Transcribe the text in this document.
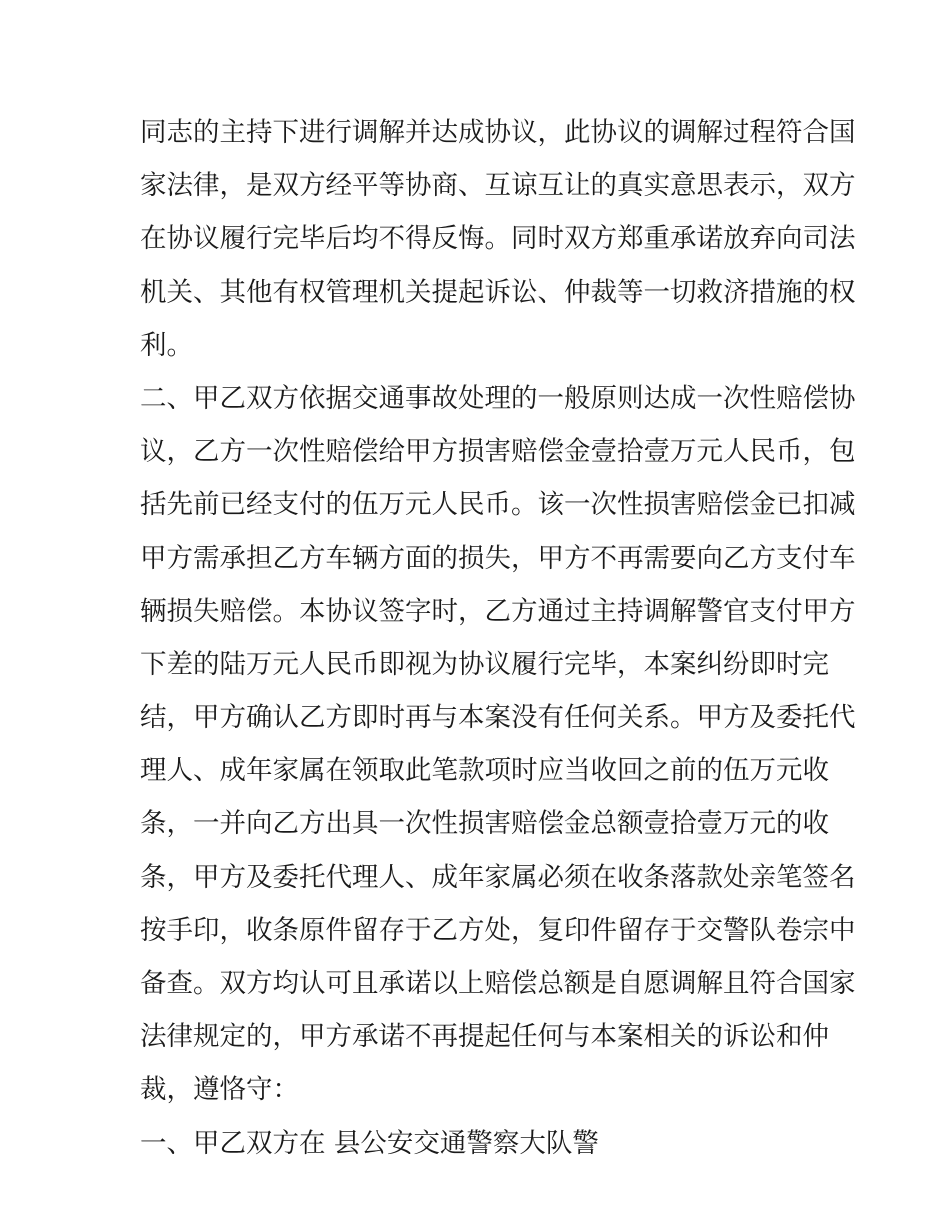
同志的主持下进行调解并达成协议，此协议的调解过程符合国
家法律，是双方经平等协商、互谅互让的真实意思表示，双方
在协议履行完毕后均不得反悔。同时双方郑重承诺放弃向司法
机关、其他有权管理机关提起诉讼、仲裁等一切救济措施的权
利。
二、甲乙双方依据交通事故处理的一般原则达成一次性赔偿协
议，乙方一次性赔偿给甲方损害赔偿金壹拾壹万元人民币，包
括先前已经支付的伍万元人民币。该一次性损害赔偿金已扣减
甲方需承担乙方车辆方面的损失，甲方不再需要向乙方支付车
辆损失赔偿。本协议签字时，乙方通过主持调解警官支付甲方
下差的陆万元人民币即视为协议履行完毕，本案纠纷即时完
结，甲方确认乙方即时再与本案没有任何关系。甲方及委托代
理人、成年家属在领取此笔款项时应当收回之前的伍万元收
条，一并向乙方出具一次性损害赔偿金总额壹拾壹万元的收
条，甲方及委托代理人、成年家属必须在收条落款处亲笔签名
按手印，收条原件留存于乙方处，复印件留存于交警队卷宗中
备查。双方均认可且承诺以上赔偿总额是自愿调解且符合国家
法律规定的，甲方承诺不再提起任何与本案相关的诉讼和仲
裁，遵恪守：
一、甲乙双方在 县公安交通警察大队警
